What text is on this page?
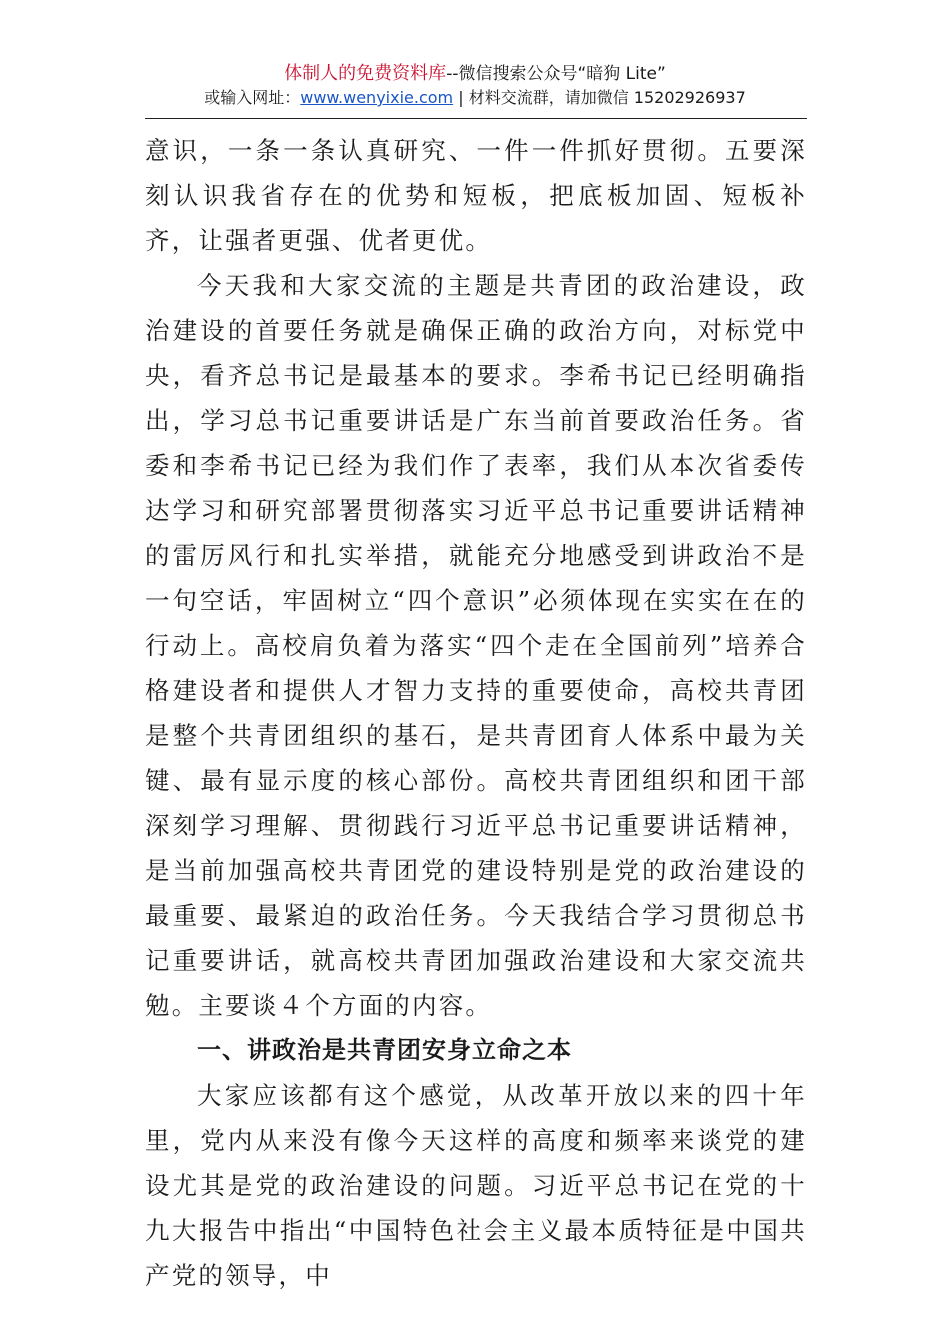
体制人的免费资料库--微信搜索公众号“暗狗 Lite”
或输入网址：www.wenyixie.com | 材料交流群，请加微信 15202926937

意识，一条一条认真研究、一件一件抓好贯彻。五要深刻认识我省存在的优势和短板，把底板加固、短板补齐，让强者更强、优者更优。

今天我和大家交流的主题是共青团的政治建设，政治建设的首要任务就是确保正确的政治方向，对标党中央，看齐总书记是最基本的要求。李希书记已经明确指出，学习总书记重要讲话是广东当前首要政治任务。省委和李希书记已经为我们作了表率，我们从本次省委传达学习和研究部署贯彻落实习近平总书记重要讲话精神的雷厉风行和扎实举措，就能充分地感受到讲政治不是一句空话，牢固树立“四个意识”必须体现在实实在在的行动上。高校肩负着为落实“四个走在全国前列”培养合格建设者和提供人才智力支持的重要使命，高校共青团是整个共青团组织的基石，是共青团育人体系中最为关键、最有显示度的核心部份。高校共青团组织和团干部深刻学习理解、贯彻践行习近平总书记重要讲话精神，是当前加强高校共青团党的建设特别是党的政治建设的最重要、最紧迫的政治任务。今天我结合学习贯彻总书记重要讲话，就高校共青团加强政治建设和大家交流共勉。主要谈４个方面的内容。

一、讲政治是共青团安身立命之本

大家应该都有这个感觉，从改革开放以来的四十年里，党内从来没有像今天这样的高度和频率来谈党的建设尤其是党的政治建设的问题。习近平总书记在党的十九大报告中指出“中国特色社会主义最本质特征是中国共产党的领导，中
